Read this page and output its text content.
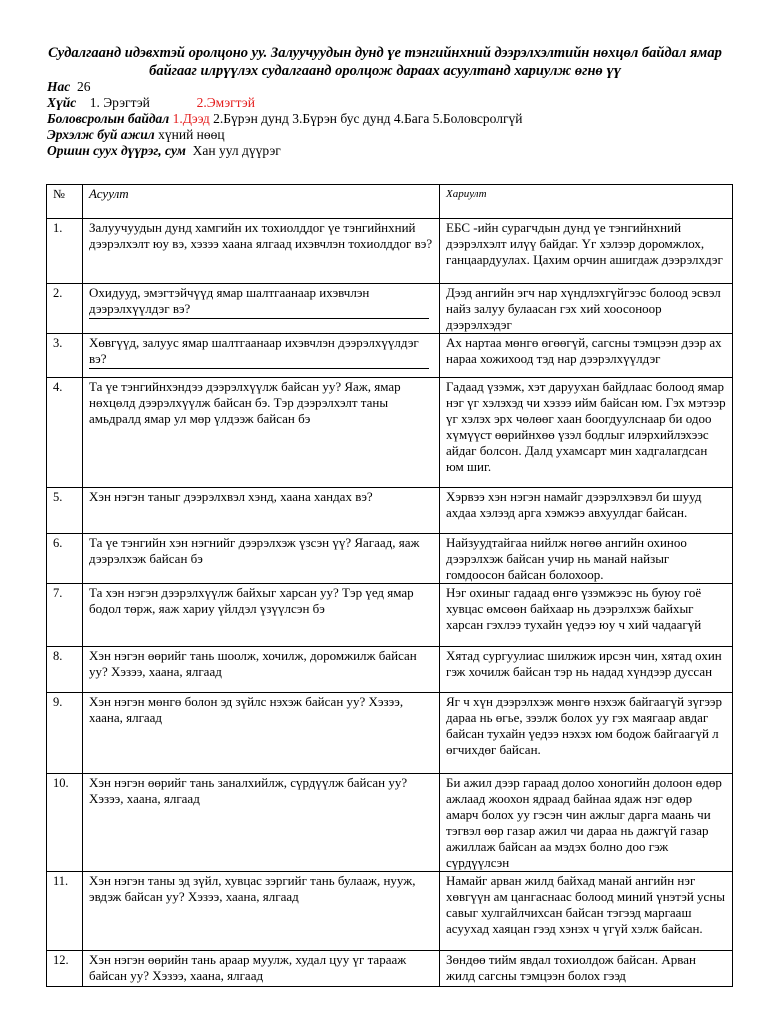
Судалгаанд идэвхтэй оролцоно уу. Залуучуудын дунд үе тэнгийнхний дээрэлхэлтийн нөхцөл байдал ямар байгааг илрүүлэх судалгаанд оролцож дараах асуултанд хариулж өгнө үү
Нас 26
Хүйс 1. Эрэгтэй	2.Эмэгтэй
Боловсролын байдал 1.Дээд 2.Бүрэн дунд 3.Бүрэн бус дунд 4.Бага 5.Боловсролгүй
Эрхэлж буй ажил хүний нөөц
Оршин суух дүүрэг, сум Хан уул дүүрэг
№	Асуулт	Хариулт
1.	Залуучуудын дунд хамгийн их тохиолддог үе тэнгийнхний дээрэлхэлт юу вэ, хэзээ хаана ялгаад ихэвчлэн тохиолддог вэ?	ЕБС -ийн сурагчдын дунд үе тэнгийнхний дээрэлхэлт илүү байдаг. Үг хэлээр доромжлох, ганцаардуулах. Цахим орчин ашигдаж дээрэлхдэг
2.	Охидууд, эмэгтэйчүүд ямар шалтгаанаар ихэвчлэн дээрэлхүүлдэг вэ?	Дээд ангийн эгч нар хүндлэхгүйгээс болоод эсвэл найз залуу булаасан гэх хий хоосоноор дээрэлхэдэг
3.	Хөвгүүд, залуус ямар шалтгаанаар ихэвчлэн дээрэлхүүлдэг вэ?	Ах нартаа мөнгө өгөөгүй, сагсны тэмцээн дээр ах нараа хожихоод тэд нар дээрэлхүүлдэг
4.	Та үе тэнгийнхэндээ дээрэлхүүлж байсан уу? Яаж, ямар нөхцөлд дээрэлхүүлж байсан бэ. Тэр дээрэлхэлт таны амьдралд ямар ул мөр үлдээж байсан бэ	Гадаад үзэмж, хэт даруухан байдлаас болоод ямар нэг үг хэлэхэд чи хэзээ ийм байсан юм. Гэх мэтээр үг хэлэх эрх чөлөөг хаан боогдуулснаар би одоо хүмүүст өөрийнхөө үзэл бодлыг илэрхийлэхээс айдаг болсон. Далд ухамсарт мин хадгалагдсан юм шиг.
5.	Хэн нэгэн таныг дээрэлхвэл хэнд, хаана хандах вэ?	Хэрвээ хэн нэгэн намайг дээрэлхэвэл би шууд ахдаа хэлээд арга хэмжээ авхуулдаг байсан.
6.	Та үе тэнгийн хэн нэгнийг дээрэлхэж үзсэн үү? Яагаад, яаж дээрэлхэж байсан бэ	Найзуудтайгаа нийлж нөгөө ангийн охиноо дээрэлхэж байсан учир нь манай найзыг гомдоосон байсан болохоор.
7.	Та хэн нэгэн дээрэлхүүлж байхыг харсан уу? Тэр үед ямар бодол төрж, яаж хариу үйлдэл үзүүлсэн бэ	Нэг охиныг гадаад өнгө үзэмжээс нь буюу гоё хувцас өмсөөн байхаар нь дээрэлхэж байхыг харсан гэхлээ тухайн үедээ юу ч хий чадаагүй
8.	Хэн нэгэн өөрийг тань шоолж, хочилж, доромжилж байсан уу? Хэзээ, хаана, ялгаад	Хятад сургуулиас шилжиж ирсэн чин, хятад охин гэж хочилж байсан тэр нь надад хүндээр дуссан
9.	Хэн нэгэн мөнгө болон эд зүйлс нэхэж байсан уу? Хэзээ, хаана, ялгаад	Яг ч хүн дээрэлхэж мөнгө нэхэж байгаагүй зүгээр дараа нь өгье, зээлж болох уу гэх маягаар авдаг байсан тухайн үедээ нэхэх юм бодож байгаагүй л өгчихдөг байсан.
10.	Хэн нэгэн өөрийг тань заналхийлж, сүрдүүлж байсан уу? Хэзээ, хаана, ялгаад	Би ажил дээр гараад долоо хоногийн долоон өдөр ажлаад жоохон ядраад байнаа ядаж нэг өдөр амарч болох уу гэсэн чин ажлыг дарга маань чи тэгвэл өөр газар ажил чи дараа нь дажгүй газар ажиллаж байсан аа мэдэх болно доо гэж сүрдүүлсэн
11.	Хэн нэгэн таны эд зүйл, хувцас зэргийг тань булааж, нууж, эвдэж байсан уу? Хэзээ, хаана, ялгаад	Намайг арван жилд байхад манай ангийн нэг хөвгүүн ам цангаснаас болоод миний үнэтэй усны савыг хулгайлчихсан байсан тэгээд маргааш асуухад хаяцан гээд хэнэх ч үгүй хэлж байсан.
12.	Хэн нэгэн өөрийн тань араар муулж, худал цуу үг тарааж байсан уу? Хэзээ, хаана, ялгаад	Зөндөө тийм явдал тохиолдож байсан. Арван жилд сагсны тэмцээн болох гээд
